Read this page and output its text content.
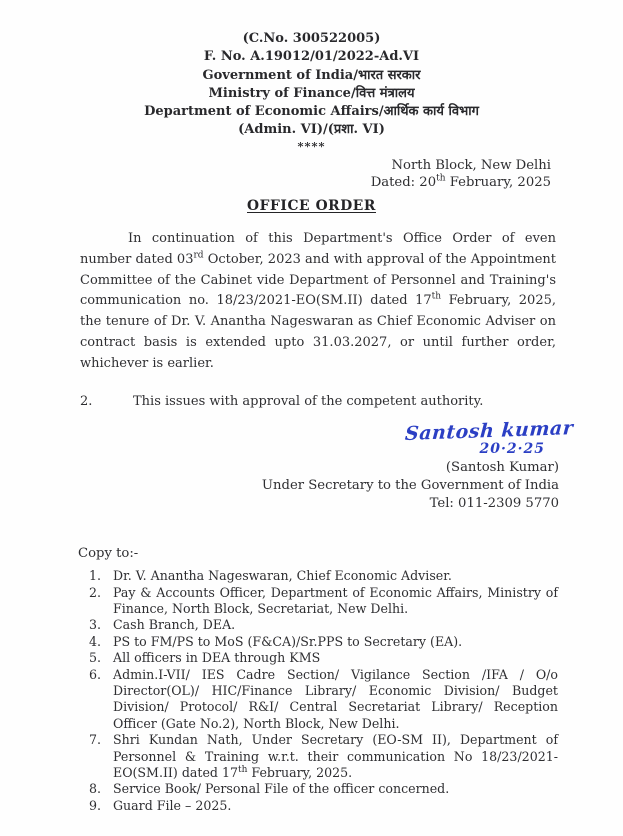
(C.No. 300522005)
F. No. A.19012/01/2022-Ad.VI
Government of India/भारत सरकार
Ministry of Finance/वित्त मंत्रालय
Department of Economic Affairs/आर्थिक कार्य विभाग
(Admin. VI)/(प्रशा. VI)
****
North Block, New Delhi
Dated: 20th February, 2025
OFFICE ORDER

In continuation of this Department's Office Order of even number dated 03rd October, 2023 and with approval of the Appointment Committee of the Cabinet vide Department of Personnel and Training's communication no. 18/23/2021-EO(SM.II) dated 17th February, 2025, the tenure of Dr. V. Anantha Nageswaran as Chief Economic Adviser on contract basis is extended upto 31.03.2027, or until further order, whichever is earlier.

2.	This issues with approval of the competent authority.
Santosh kumar
20·2·25
(Santosh Kumar)
Under Secretary to the Government of India
Tel: 011-2309 5770
Copy to:-
Dr. V. Anantha Nageswaran, Chief Economic Adviser.
Pay & Accounts Officer, Department of Economic Affairs, Ministry of Finance, North Block, Secretariat, New Delhi.
Cash Branch, DEA.
PS to FM/PS to MoS (F&CA)/Sr.PPS to Secretary (EA).
All officers in DEA through KMS
Admin.I-VII/ IES Cadre Section/ Vigilance Section /IFA / O/o Director(OL)/ HIC/Finance Library/ Economic Division/ Budget Division/ Protocol/ R&I/ Central Secretariat Library/ Reception Officer (Gate No.2), North Block, New Delhi.
Shri Kundan Nath, Under Secretary (EO-SM II), Department of Personnel & Training w.r.t. their communication No 18/23/2021-EO(SM.II) dated 17th February, 2025.
Service Book/ Personal File of the officer concerned.
Guard File – 2025.
